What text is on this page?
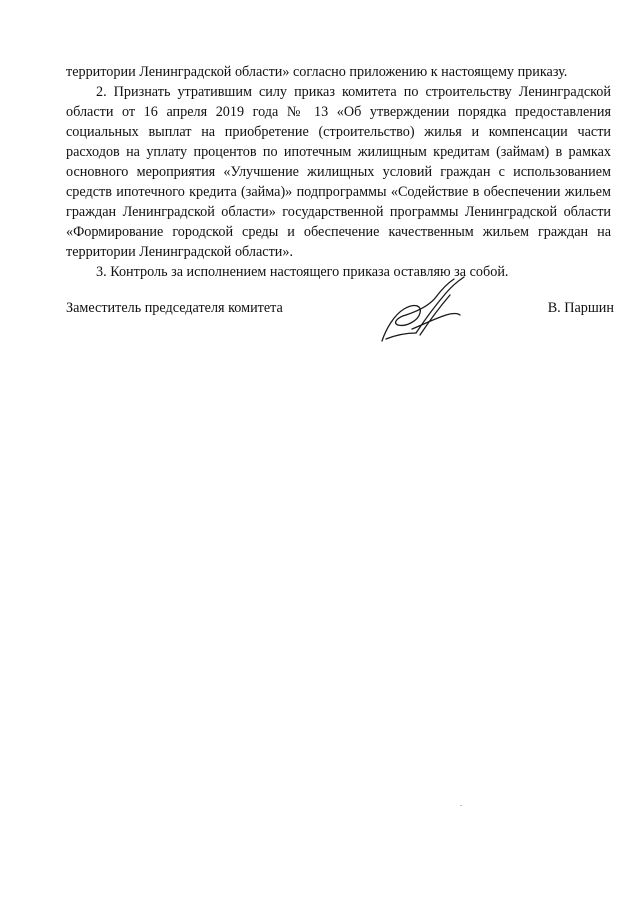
территории Ленинградской области» согласно приложению к настоящему приказу.

2. Признать утратившим силу приказ комитета по строительству Ленинградской области от 16 апреля 2019 года № 13 «Об утверждении порядка предоставления социальных выплат на приобретение (строительство) жилья и компенсации части расходов на уплату процентов по ипотечным жилищным кредитам (займам) в рамках основного мероприятия «Улучшение жилищных условий граждан с использованием средств ипотечного кредита (займа)» подпрограммы «Содействие в обеспечении жильем граждан Ленинградской области» государственной программы Ленинградской области «Формирование городской среды и обеспечение качественным жильем граждан на территории Ленинградской области».

3. Контроль за исполнением настоящего приказа оставляю за собой.

Заместитель председателя комитета	В. Паршин
